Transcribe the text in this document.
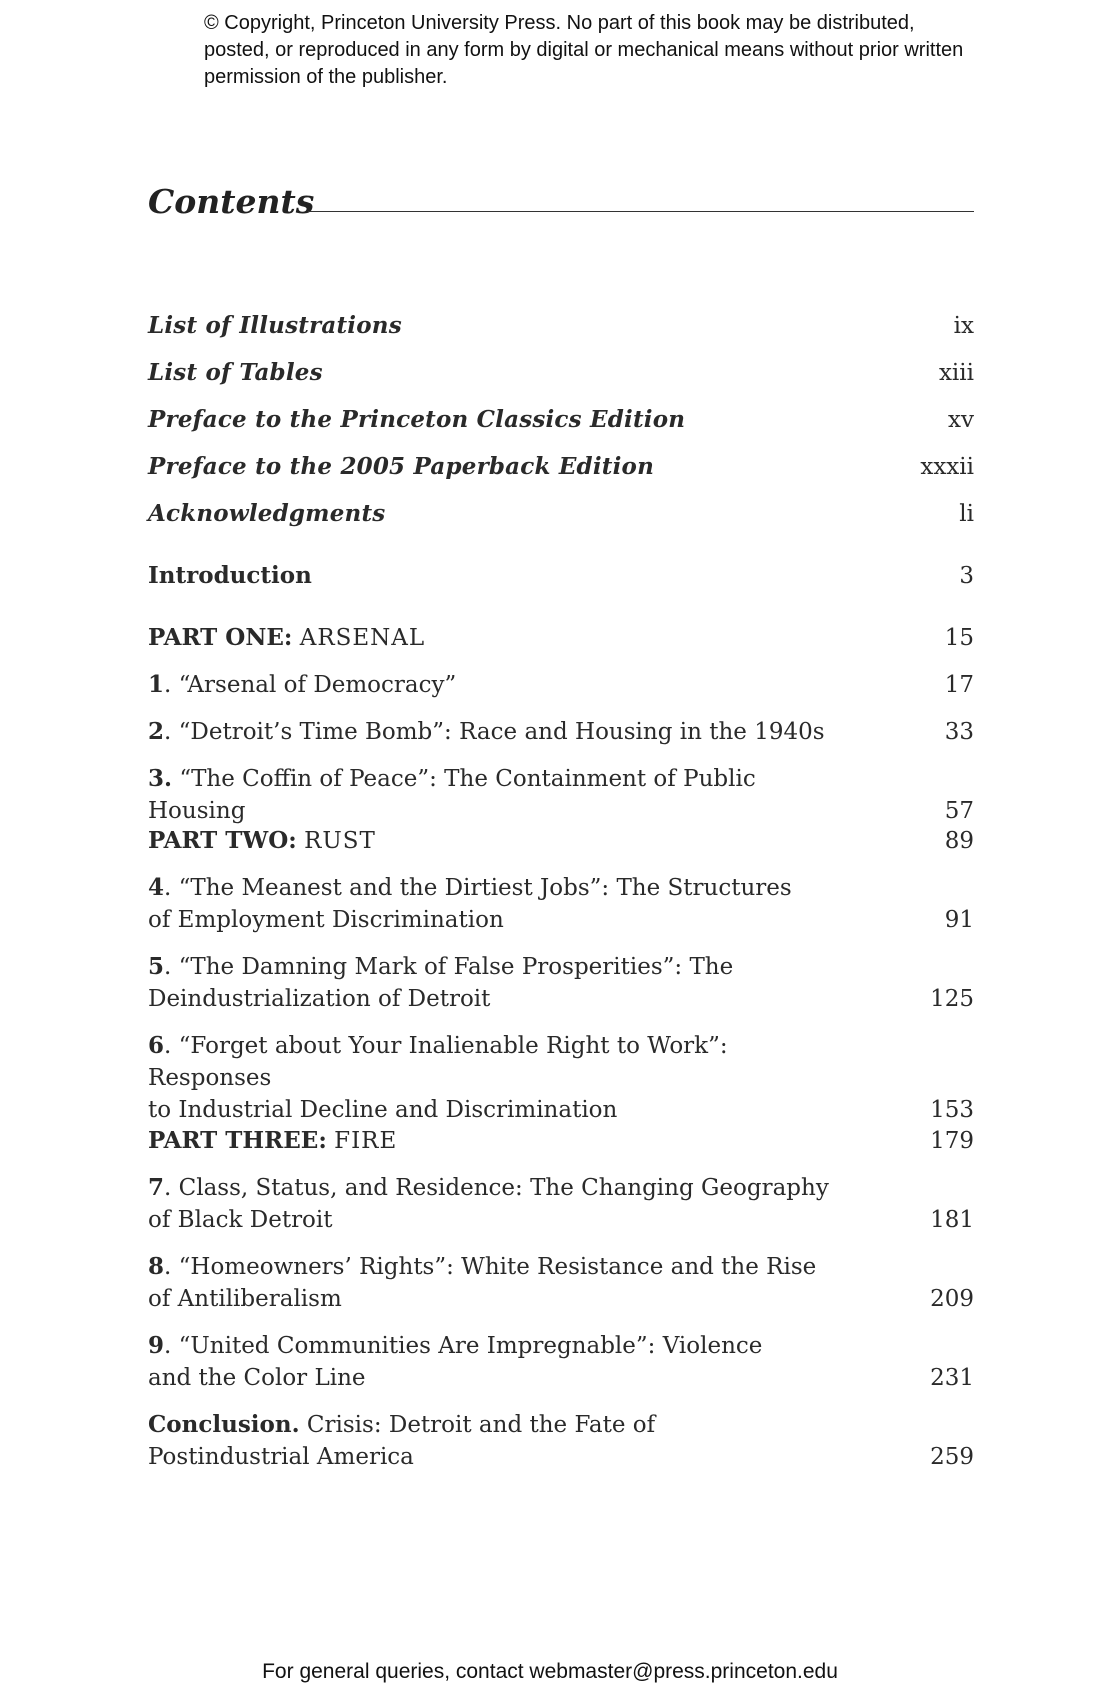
© Copyright, Princeton University Press. No part of this book may be distributed, posted, or reproduced in any form by digital or mechanical means without prior written permission of the publisher.
Contents
List of Illustrations	ix
List of Tables	xiii
Preface to the Princeton Classics Edition	xv
Preface to the 2005 Paperback Edition	xxxii
Acknowledgments	li
Introduction	3
PART ONE: ARSENAL	15
1. “Arsenal of Democracy”	17
2. “Detroit’s Time Bomb”: Race and Housing in the 1940s	33
3. “The Coffin of Peace”: The Containment of Public Housing	57
PART TWO: RUST	89
4. “The Meanest and the Dirtiest Jobs”: The Structures
of Employment Discrimination	91
5. “The Damning Mark of False Prosperities”: The
Deindustrialization of Detroit	125
6. “Forget about Your Inalienable Right to Work”: Responses
to Industrial Decline and Discrimination	153
PART THREE: FIRE	179
7. Class, Status, and Residence: The Changing Geography
of Black Detroit	181
8. “Homeowners’ Rights”: White Resistance and the Rise
of Antiliberalism	209
9. “United Communities Are Impregnable”: Violence
and the Color Line	231
Conclusion. Crisis: Detroit and the Fate of
Postindustrial America	259
For general queries, contact webmaster@press.princeton.edu
